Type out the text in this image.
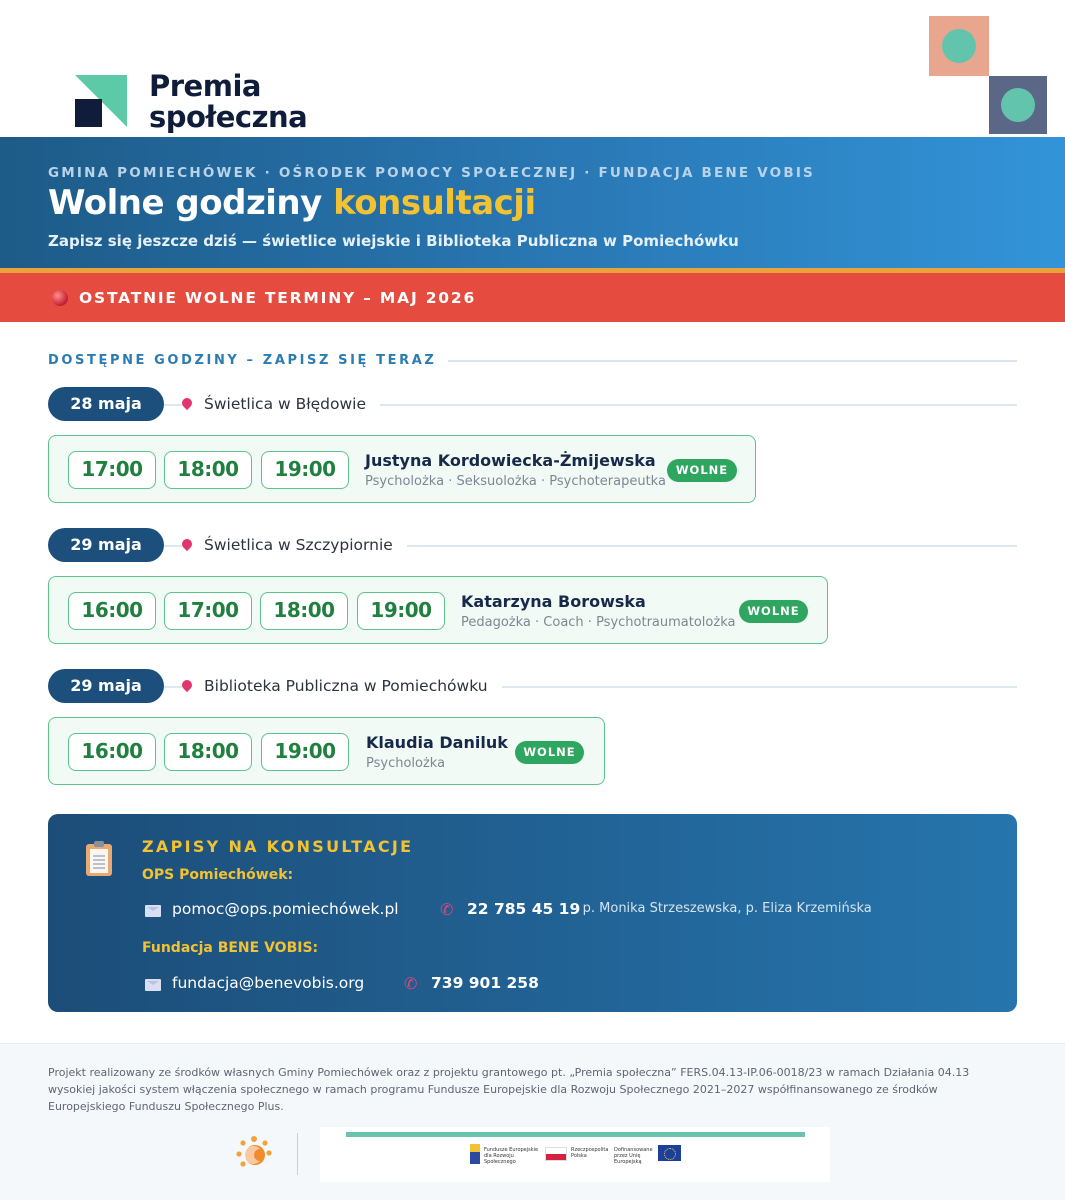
Premia
społeczna
GMINA POMIECHÓWEK · OŚRODEK POMOCY SPOŁECZNEJ · FUNDACJA BENE VOBIS
Wolne godziny konsultacji
Zapisz się jeszcze dziś — świetlice wiejskie i Biblioteka Publiczna w Pomiechówku
OSTATNIE WOLNE TERMINY – MAJ 2026
DOSTĘPNE GODZINY – ZAPISZ SIĘ TERAZ
28 maja	Świetlica w Błędowie
17:00	18:00	19:00	Justyna Kordowiecka-Żmijewska
Psycholożka · Seksuolożka · Psychoterapeutka
WOLNE
29 maja	Świetlica w Szczypiornie
16:00	17:00	18:00	19:00	Katarzyna Borowska
Pedagożka · Coach · Psychotraumatolożka
WOLNE
29 maja	Biblioteka Publiczna w Pomiechówku
16:00	18:00	19:00	Klaudia Daniluk
Psycholożka
WOLNE
ZAPISY NA KONSULTACJE
OPS Pomiechówek:
pomoc@ops.pomiechówek.pl	✆ 22 785 45 19
– p. Monika Strzeszewska, p. Eliza Krzemińska
Fundacja BENE VOBIS:
fundacja@benevobis.org ✆ 739 901 258
Projekt realizowany ze środków własnych Gminy Pomiechówek oraz z projektu grantowego pt. „Premia społeczna” FERS.04.13-IP.06-0018/23 w ramach Działania 04.13 wysokiej jakości system włączenia społecznego w ramach programu Fundusze Europejskie dla Rozwoju Społecznego 2021–2027 współfinansowanego ze środków Europejskiego Funduszu Społecznego Plus.
Fundusze Europejskie dla Rozwoju Społecznego
Rzeczpospolita Polska
Dofinansowane przez Unię Europejską
